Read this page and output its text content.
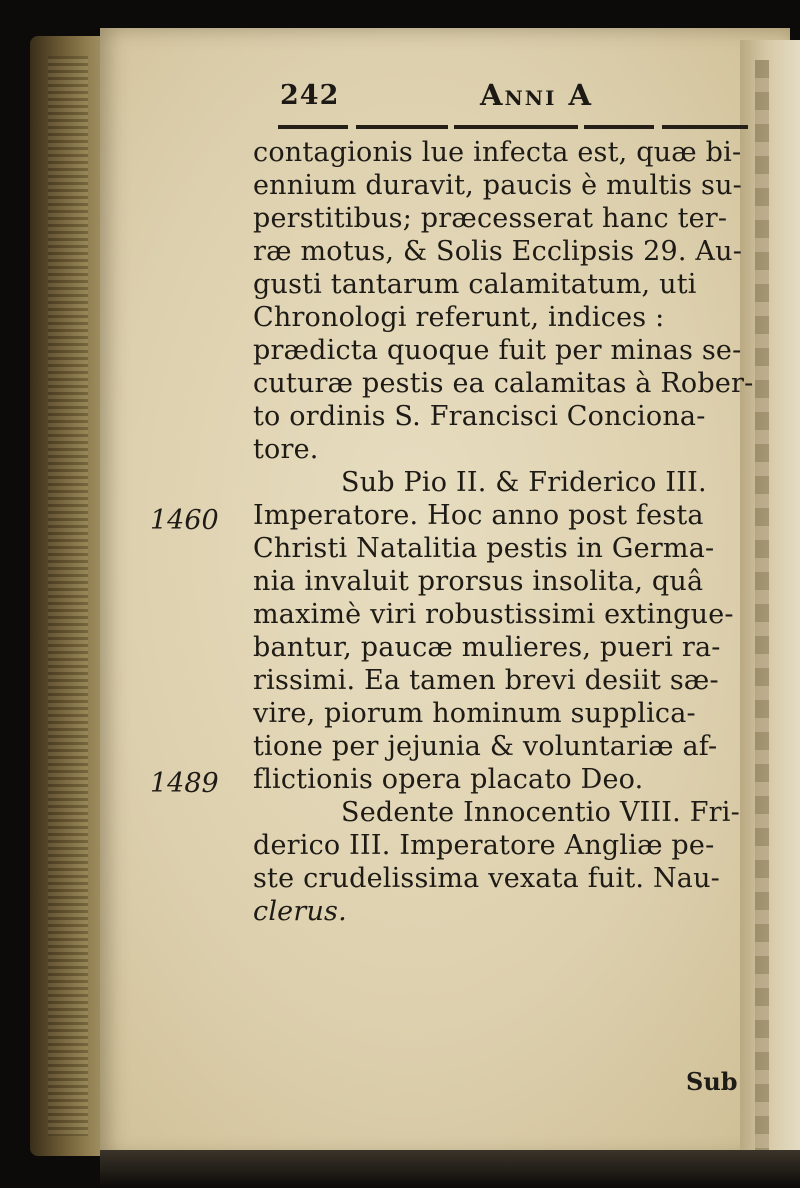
242	Anni A
1460
1489
contagionis lue infecta est, quæ bi-
ennium duravit, paucis è multis su-
perstitibus; præcesserat hanc ter-
ræ motus, & Solis Ecclipsis 29. Au-
gusti tantarum calamitatum, uti
Chronologi referunt, indices :
prædicta quoque fuit per minas se-
cuturæ pestis ea calamitas à Rober-
to ordinis S. Francisci Conciona-
tore.
Sub Pio II. & Friderico III.
Imperatore. Hoc anno post festa
Christi Natalitia pestis in Germa-
nia invaluit prorsus insolita, quâ
maximè viri robustissimi extingue-
bantur, paucæ mulieres, pueri ra-
rissimi. Ea tamen brevi desiit sæ-
vire, piorum hominum supplica-
tione per jejunia & voluntariæ af-
flictionis opera placato Deo.
Sedente Innocentio VIII. Fri-
derico III. Imperatore Angliæ pe-
ste crudelissima vexata fuit. Nau-
clerus.
Sub
